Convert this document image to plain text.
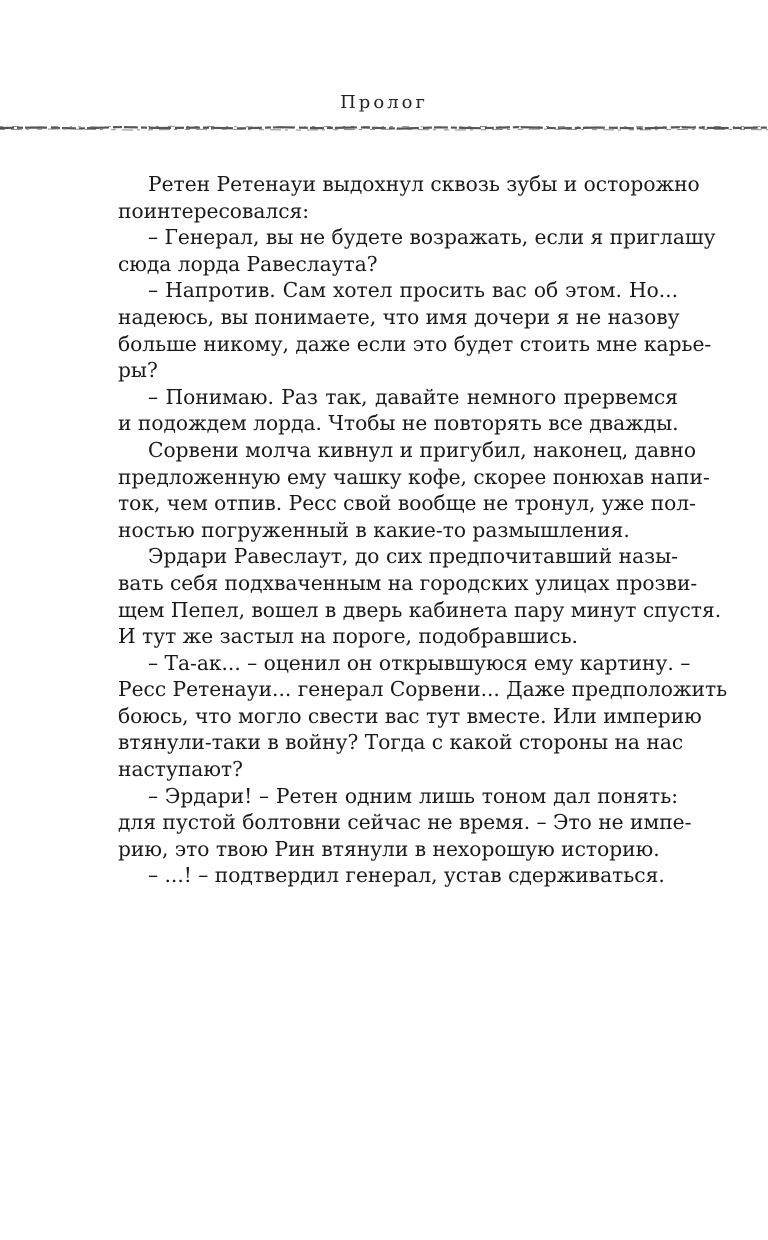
Пролог
Ретен Ретенауи выдохнул сквозь зубы и осторожно
поинтересовался:
– Генерал, вы не будете возражать, если я приглашу
сюда лорда Равеслаута?
– Напротив. Сам хотел просить вас об этом. Но...
надеюсь, вы понимаете, что имя дочери я не назову
больше никому, даже если это будет стоить мне карье-
ры?
– Понимаю. Раз так, давайте немного прервемся
и подождем лорда. Чтобы не повторять все дважды.
Сорвени молча кивнул и пригубил, наконец, давно
предложенную ему чашку кофе, скорее понюхав напи-
ток, чем отпив. Ресс свой вообще не тронул, уже пол-
ностью погруженный в какие-то размышления.
Эрдари Равеслаут, до сих предпочитавший назы-
вать себя подхваченным на городских улицах прозви-
щем Пепел, вошел в дверь кабинета пару минут спустя.
И тут же застыл на пороге, подобравшись.
– Та-ак... – оценил он открывшуюся ему картину. –
Ресс Ретенауи... генерал Сорвени... Даже предположить
боюсь, что могло свести вас тут вместе. Или империю
втянули-таки в войну? Тогда с какой стороны на нас
наступают?
– Эрдари! – Ретен одним лишь тоном дал понять:
для пустой болтовни сейчас не время. – Это не импе-
рию, это твою Рин втянули в нехорошую историю.
– ...! – подтвердил генерал, устав сдерживаться.
